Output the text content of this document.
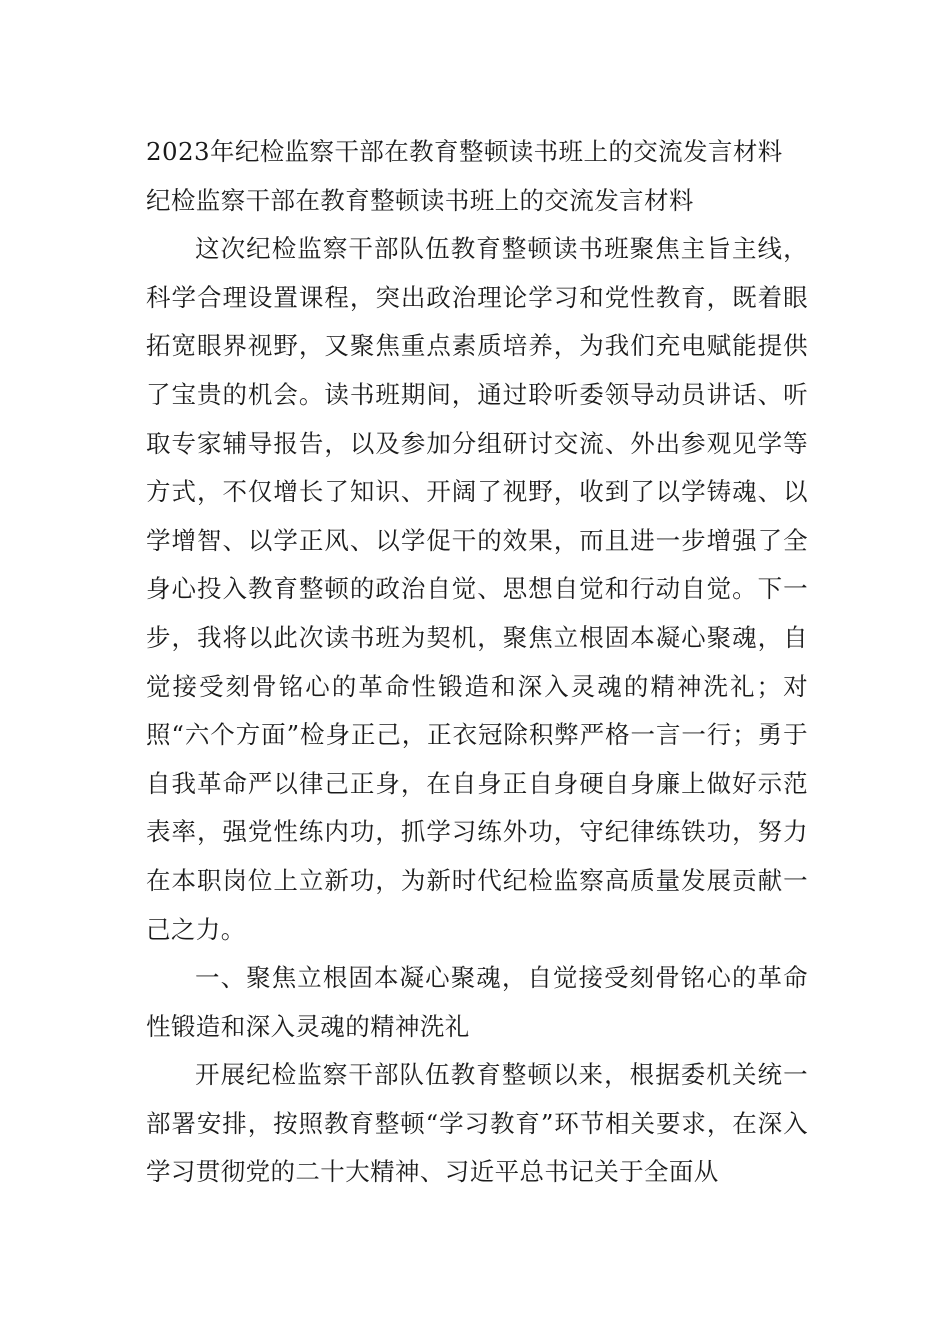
2023年纪检监察干部在教育整顿读书班上的交流发言材料

纪检监察干部在教育整顿读书班上的交流发言材料

这次纪检监察干部队伍教育整顿读书班聚焦主旨主线，科学合理设置课程，突出政治理论学习和党性教育，既着眼拓宽眼界视野，又聚焦重点素质培养，为我们充电赋能提供了宝贵的机会。读书班期间，通过聆听委领导动员讲话、听取专家辅导报告，以及参加分组研讨交流、外出参观见学等方式，不仅增长了知识、开阔了视野，收到了以学铸魂、以学增智、以学正风、以学促干的效果，而且进一步增强了全身心投入教育整顿的政治自觉、思想自觉和行动自觉。下一步，我将以此次读书班为契机，聚焦立根固本凝心聚魂，自觉接受刻骨铭心的革命性锻造和深入灵魂的精神洗礼；对照“六个方面”检身正己，正衣冠除积弊严格一言一行；勇于自我革命严以律己正身，在自身正自身硬自身廉上做好示范表率，强党性练内功，抓学习练外功，守纪律练铁功，努力在本职岗位上立新功，为新时代纪检监察高质量发展贡献一己之力。

一、聚焦立根固本凝心聚魂，自觉接受刻骨铭心的革命性锻造和深入灵魂的精神洗礼

开展纪检监察干部队伍教育整顿以来，根据委机关统一部署安排，按照教育整顿“学习教育”环节相关要求，在深入学习贯彻党的二十大精神、习近平总书记关于全面从
